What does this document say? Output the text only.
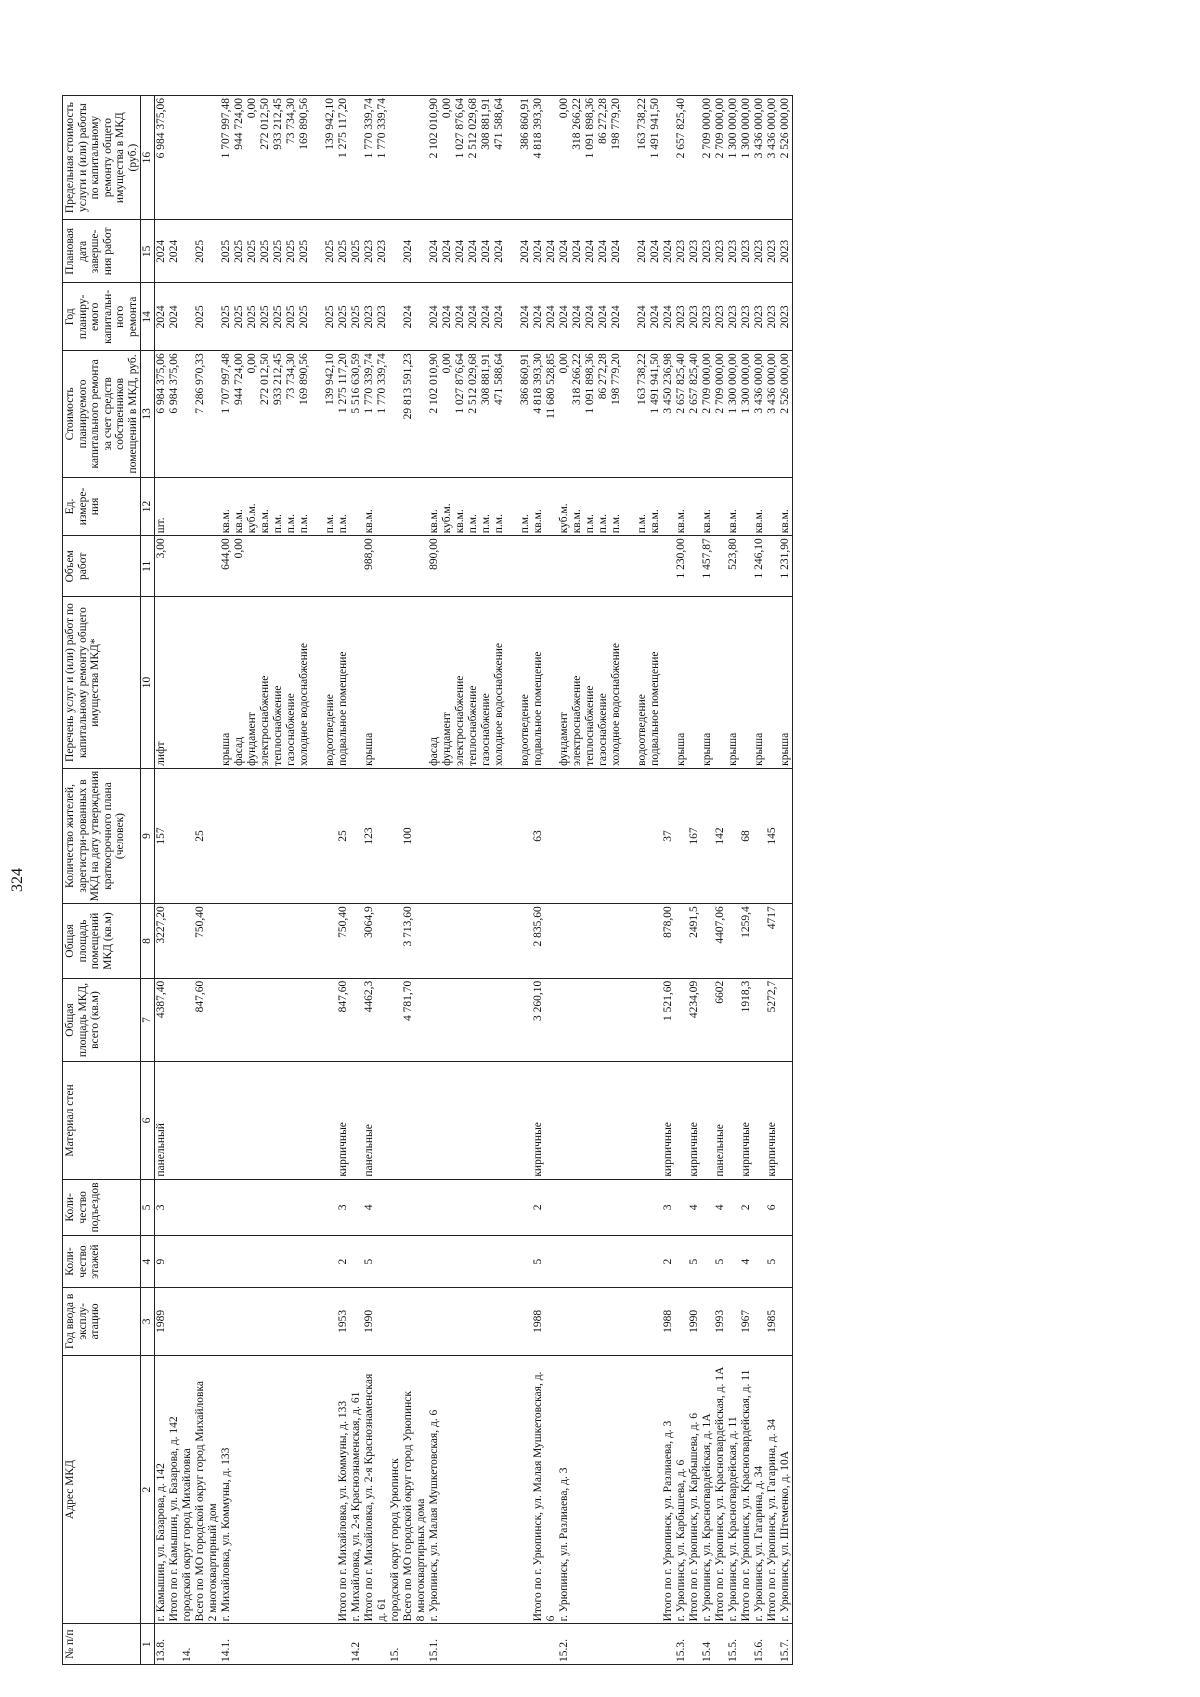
324
№ п/п	Адрес МКД	Год ввода в эксплу-атацию	Коли-чество этажей	Коли-чество подъездов	Материал стен	Общая площадь МКД, всего (кв.м)	Общая площадь помещений МКД (кв.м)	Количество жителей, зарегистри-рованных в МКД на дату утверждения краткосрочного плана (человек)	Перечень услуг и (или) работ по капитальному ремонту общего имущества МКД*	Объем работ	Ед. измере-ния	Стоимость планируемого капитального ремонта за счет средств собственников помещений в МКД, руб.	Год планиру-емого капитальн-ного ремонта	Плановая дата заверше-ния работ	Предельная стоимость услуги и (или) работы по капитальному ремонту общего имущества в МКД (руб.)
1	2	3	4	5	6	7	8	9	10	11	12	13	14	15	16
13.8.	г. Камышин, ул. Базарова, д. 142	1989	9	3	панельный	4387,40	3227,20	157	лифт	3,00	шт.	6 984 375,06	2024	2024	6 984 375,06
	Итого по г. Камышин, ул. Базарова, д. 142											6 984 375,06	2024	2024	
14.	городской округ город Михайловка														
	Всего по МО городской округ город Михайловка					847,60	750,40	25				7 286 970,33	2025	2025	
	2 многоквартирный дом														
14.1.	г. Михайловка, ул. Коммуны, д. 133								крыша	644,00	кв.м.	1 707 997,48	2025	2025	1 707 997,48
									фасад	0,00	кв.м.	944 724,00	2025	2025	944 724,00
									фундамент		куб.м.	0,00	2025	2025	0,00
									электроснабжение		кв.м.	272 012,50	2025	2025	272 012,50
									теплоснабжение		п.м.	933 212,45	2025	2025	933 212,45
									газоснабжение		п.м.	73 734,30	2025	2025	73 734,30
									холодное водоснабжение		п.м.	169 890,56	2025	2025	169 890,56

									водоотведение		п.м.	139 942,10	2025	2025	139 942,10
	Итого по г. Михайловка, ул. Коммуны, д. 133	1953	2	3	кирпичные	847,60	750,40	25	подвальное помещение		п.м.	1 275 117,20	2025	2025	1 275 117,20
14.2	г. Михайловка, ул. 2-я Краснознаменская, д. 61											5 516 630,59	2025	2025	
	Итого по г. Михайловка, ул. 2-я Краснознаменская	1990	5	4	панельные	4462,3	3064,9	123	крыша	988,00	кв.м.	1 770 339,74	2023	2023	1 770 339,74
	д. 61											1 770 339,74	2023	2023	1 770 339,74
15.	городской округ город Урюпинск														
	Всего по МО городской округ город Урюпинск					4 781,70	3 713,60	100				29 813 591,23	2024	2024	
	8 многоквартирных дома														
15.1.	г. Урюпинск, ул. Малая Мушкетовская, д. 6								фасад	890,00	кв.м.	2 102 010,90	2024	2024	2 102 010,90
									фундамент		куб.м.	0,00	2024	2024	0,00
									электроснабжение		кв.м.	1 027 876,64	2024	2024	1 027 876,64
									теплоснабжение		п.м.	2 512 029,68	2024	2024	2 512 029,68
									газоснабжение		п.м.	308 881,91	2024	2024	308 881,91
									холодное водоснабжение		п.м.	471 588,64	2024	2024	471 588,64

									водоотведение		п.м.	386 860,91	2024	2024	386 860,91
	Итого по г. Урюпинск, ул. Малая Мушкетовская, д.	1988	5	2	кирпичные	3 260,10	2 835,60	63	подвальное помещение		кв.м.	4 818 393,30	2024	2024	4 818 393,30
	6											11 680 528,85	2024	2024	
15.2.	г. Урюпинск, ул. Разлиаева, д. 3								фундамент		куб.м.	0,00	2024	2024	0,00
									электроснабжение		кв.м.	318 266,22	2024	2024	318 266,22
									теплоснабжение		п.м.	1 091 898,36	2024	2024	1 091 898,36
									газоснабжение		п.м.	86 272,28	2024	2024	86 272,28
									холодное водоснабжение		п.м.	198 779,20	2024	2024	198 779,20

									водоотведение		п.м.	163 738,22	2024	2024	163 738,22
									подвальное помещение		кв.м.	1 491 941,50	2024	2024	1 491 941,50
	Итого по г. Урюпинск, ул. Разлиаева, д. 3	1988	2	3	кирпичные	1 521,60	878,00	37				3 450 236,98	2024	2024	
15.3.	г. Урюпинск, ул. Карбышева, д. 6								крыша	1 230,00	кв.м.	2 657 825,40	2023	2023	2 657 825,40
	Итого по г. Урюпинск, ул. Карбышева, д. 6	1990	5	4	кирпичные	4234,09	2491,5	167				2 657 825,40	2023	2023	
15.4	г. Урюпинск, ул. Красногвардейская, д. 1А								крыша	1 457,87	кв.м.	2 709 000,00	2023	2023	2 709 000,00
	Итого по г. Урюпинск, ул. Красногвардейская, д. 1А	1993	5	4	панельные	6602	4407,06	142				2 709 000,00	2023	2023	2 709 000,00
15.5.	г. Урюпинск, ул. Красногвардейская, д. 11								крыша	523,80	кв.м.	1 300 000,00	2023	2023	1 300 000,00
	Итого по г. Урюпинск, ул. Красногвардейская, д. 11	1967	4	2	кирпичные	1918,3	1259,4	68				1 300 000,00	2023	2023	1 300 000,00
15.6.	г. Урюпинск, ул. Гагарина, д. 34								крыша	1 246,10	кв.м.	3 436 000,00	2023	2023	3 436 000,00
	Итого по г. Урюпинск, ул. Гагарина, д. 34	1985	5	6	кирпичные	5272,7	4717	145				3 436 000,00	2023	2023	3 436 000,00
15.7.	г. Урюпинск, ул. Штеменко, д. 10А								крыша	1 231,90	кв.м.	2 526 000,00	2023	2023	2 526 000,00
